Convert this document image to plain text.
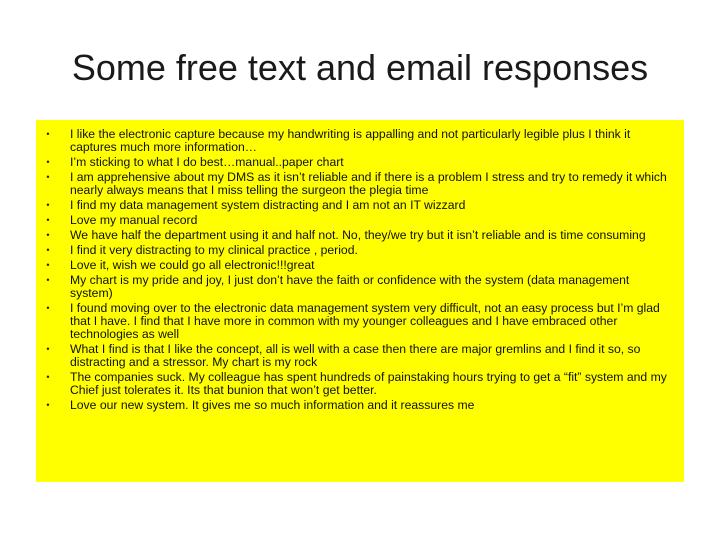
Some free text and email responses
•	I like the electronic capture because my handwriting is appalling and not particularly legible plus I think it captures much more information…
•	I’m sticking to what I do best…manual..paper chart
•	I am apprehensive about my DMS as it isn’t reliable and if there is a problem I stress and try to remedy it which nearly always means that I miss telling the surgeon the plegia time
•	I find my data management system distracting and I am not an IT wizzard
•	Love my manual record
•	We have half the department using it and half not. No, they/we try but it isn’t reliable and is time consuming
•	I find it very distracting to my clinical practice , period.
•	Love it, wish we could go all electronic!!!great
•	My chart is my pride and joy, I just don’t have the faith or confidence with the system (data management system)
•	I found moving over to the electronic data management system very difficult, not an easy process but I’m glad that I have. I find that I have more in common with my younger colleagues and I have embraced other technologies as well
•	What I find is that I like the concept, all is well with a case then there are major gremlins and I find it so, so distracting and a stressor. My chart is my rock
•	The companies suck. My colleague has spent hundreds of painstaking hours trying to get a “fit” system and my Chief just tolerates it. Its that bunion that won’t get better.
•	Love our new system. It gives me so much information and it reassures me
